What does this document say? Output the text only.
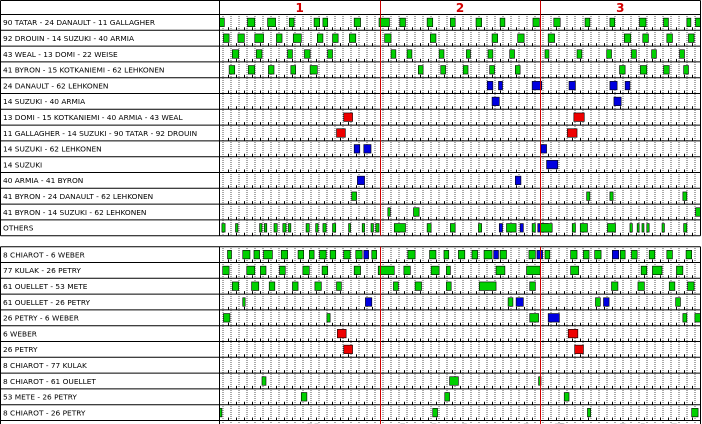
1	2	3
90 TATAR - 24 DANAULT - 11 GALLAGHER
92 DROUIN - 14 SUZUKI - 40 ARMIA
43 WEAL - 13 DOMI - 22 WEISE
41 BYRON - 15 KOTKANIEMI - 62 LEHKONEN
24 DANAULT - 62 LEHKONEN
14 SUZUKI - 40 ARMIA
13 DOMI - 15 KOTKANIEMI - 40 ARMIA - 43 WEAL
11 GALLAGHER - 14 SUZUKI - 90 TATAR - 92 DROUIN
14 SUZUKI - 62 LEHKONEN
14 SUZUKI
40 ARMIA - 41 BYRON
41 BYRON - 24 DANAULT - 62 LEHKONEN
41 BYRON - 14 SUZUKI - 62 LEHKONEN
OTHERS
8 CHIAROT - 6 WEBER
77 KULAK - 26 PETRY
61 OUELLET - 53 METE
61 OUELLET - 26 PETRY
26 PETRY - 6 WEBER
6 WEBER
26 PETRY
8 CHIAROT - 77 KULAK
8 CHIAROT - 61 OUELLET
53 METE - 26 PETRY
8 CHIAROT - 26 PETRY
